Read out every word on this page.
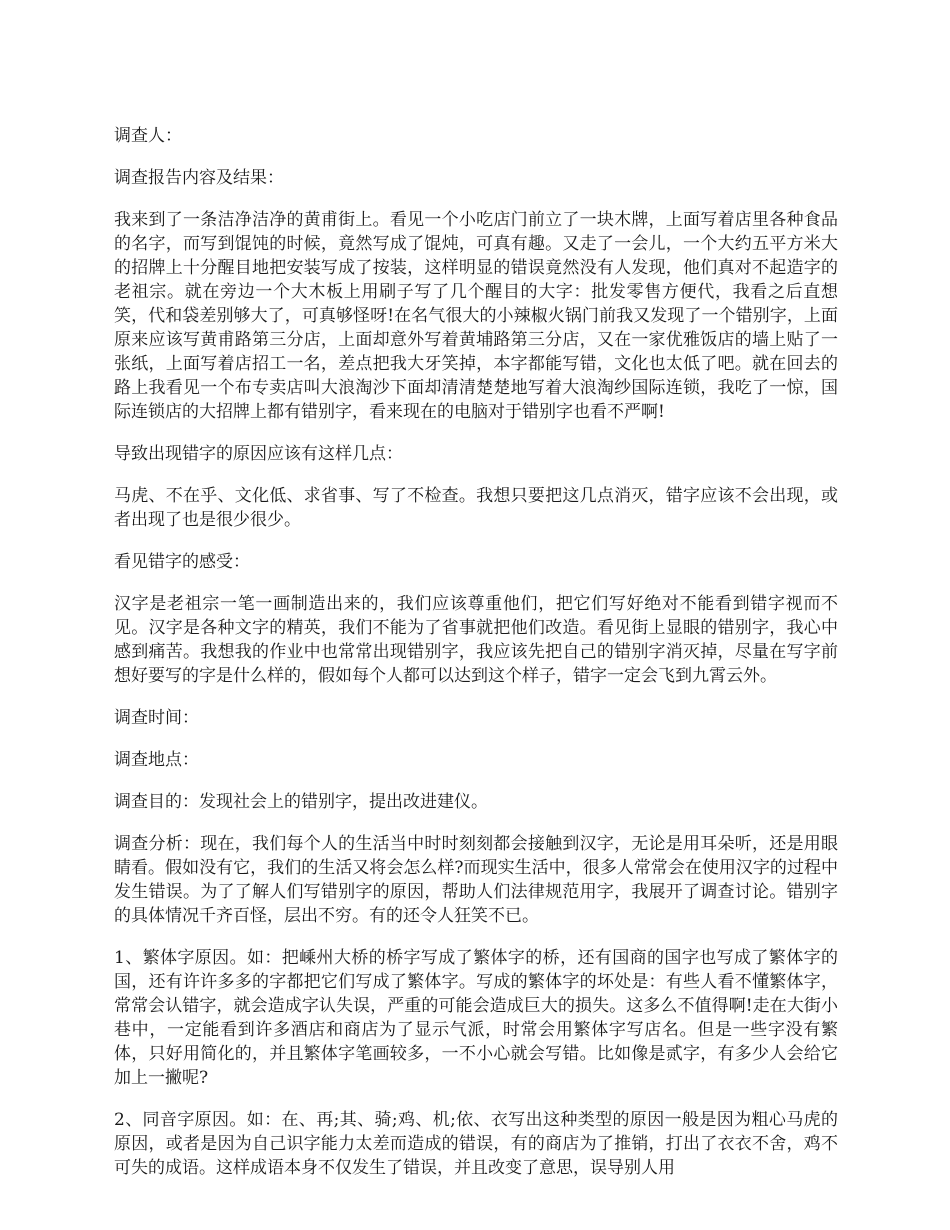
调查人：

调查报告内容及结果：

我来到了一条洁净洁净的黄甫街上。看见一个小吃店门前立了一块木牌，上面写着店里各种食品的名字，而写到馄饨的时候，竟然写成了馄炖，可真有趣。又走了一会儿，一个大约五平方米大的招牌上十分醒目地把安装写成了按装，这样明显的错误竟然没有人发现，他们真对不起造字的老祖宗。就在旁边一个大木板上用刷子写了几个醒目的大字：批发零售方便代，我看之后直想笑，代和袋差别够大了，可真够怪呀!在名气很大的小辣椒火锅门前我又发现了一个错别字，上面原来应该写黄甫路第三分店，上面却意外写着黄埔路第三分店，又在一家优雅饭店的墙上贴了一张纸，上面写着店招工一名，差点把我大牙笑掉，本字都能写错，文化也太低了吧。就在回去的路上我看见一个布专卖店叫大浪淘沙下面却清清楚楚地写着大浪淘纱国际连锁，我吃了一惊，国际连锁店的大招牌上都有错别字，看来现在的电脑对于错别字也看不严啊!

导致出现错字的原因应该有这样几点：

马虎、不在乎、文化低、求省事、写了不检查。我想只要把这几点消灭，错字应该不会出现，或者出现了也是很少很少。

看见错字的感受：

汉字是老祖宗一笔一画制造出来的，我们应该尊重他们，把它们写好绝对不能看到错字视而不见。汉字是各种文字的精英，我们不能为了省事就把他们改造。看见街上显眼的错别字，我心中感到痛苦。我想我的作业中也常常出现错别字，我应该先把自己的错别字消灭掉，尽量在写字前想好要写的字是什么样的，假如每个人都可以达到这个样子，错字一定会飞到九霄云外。

调查时间：

调查地点：

调查目的：发现社会上的错别字，提出改进建仪。

调查分析：现在，我们每个人的生活当中时时刻刻都会接触到汉字，无论是用耳朵听，还是用眼睛看。假如没有它，我们的生活又将会怎么样?而现实生活中，很多人常常会在使用汉字的过程中发生错误。为了了解人们写错别字的原因，帮助人们法律规范用字，我展开了调查讨论。错别字的具体情况千齐百怪，层出不穷。有的还令人狂笑不已。

1、繁体字原因。如：把嵊州大桥的桥字写成了繁体字的桥，还有国商的国字也写成了繁体字的国，还有许许多多的字都把它们写成了繁体字。写成的繁体字的坏处是：有些人看不懂繁体字，常常会认错字，就会造成字认失误，严重的可能会造成巨大的损失。这多么不值得啊!走在大街小巷中，一定能看到许多酒店和商店为了显示气派，时常会用繁体字写店名。但是一些字没有繁体，只好用简化的，并且繁体字笔画较多，一不小心就会写错。比如像是贰字，有多少人会给它加上一撇呢?

2、同音字原因。如：在、再;其、骑;鸡、机;依、衣写出这种类型的原因一般是因为粗心马虎的原因，或者是因为自己识字能力太差而造成的错误，有的商店为了推销，打出了衣衣不舍，鸡不可失的成语。这样成语本身不仅发生了错误，并且改变了意思，误导别人用
